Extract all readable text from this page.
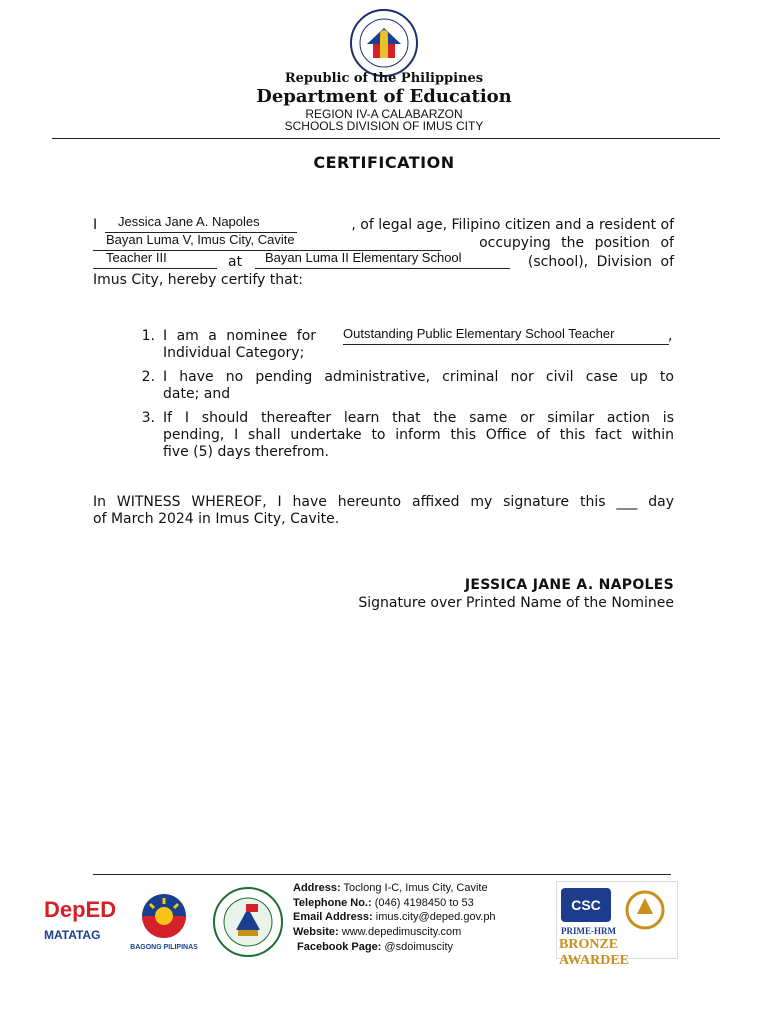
Republic of the Philippines
Department of Education
REGION IV-A CALABARZON
SCHOOLS DIVISION OF IMUS CITY
CERTIFICATION
I Jessica Jane A. Napoles	, of legal age, Filipino citizen and a resident of
Bayan Luma V, Imus City, Cavite	occupying the position of
Teacher III	at Bayan Luma II Elementary School	(school), Division of
Imus City, hereby certify that:
1. I am a nominee for Outstanding Public Elementary School Teacher	,
Individual Category;
2. I have no pending administrative, criminal nor civil case up to
date; and
3. If I should thereafter learn that the same or similar action is
pending, I shall undertake to inform this Office of this fact within
five (5) days therefrom.
In WITNESS WHEREOF, I have hereunto affixed my signature this ___ day
of March 2024 in Imus City, Cavite.
JESSICA JANE A. NAPOLES
Signature over Printed Name of the Nominee
DepED
MATATAG
BAGONG PILIPINAS
Address: Toclong I-C, Imus City, Cavite
Telephone No.: (046) 4198450 to 53
Email Address: imus.city@deped.gov.ph
Website: www.depedimuscity.com
Facebook Page: @sdoimuscity
CSC
PRIME-HRM
BRONZE AWARDEE
